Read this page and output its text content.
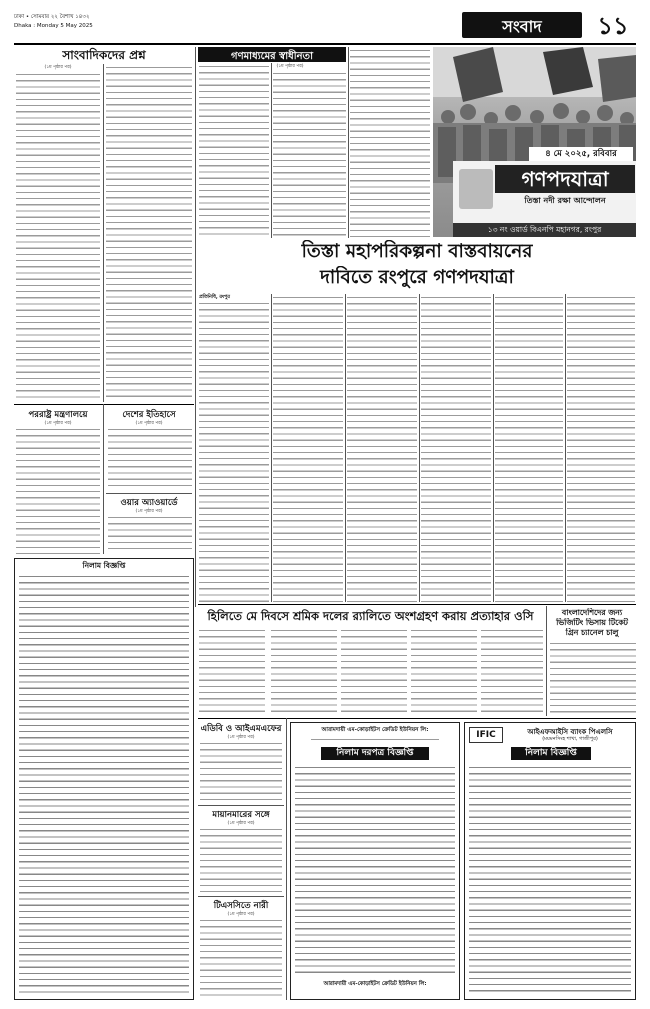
ঢাকা • সোমবার ২২ বৈশাখ ১৪৩২
Dhaka : Monday 5 May 2025	সংবাদ	১১
সাংবাদিকদের প্রশ্ন
(১ম পৃষ্ঠার পর)
গণমাধ্যমের স্বাধীনতা
(১ম পৃষ্ঠার পর)
৪ মে ২০২৫, রবিবার
গণপদযাত্রা
তিস্তা নদী রক্ষা আন্দোলন
১৩ নং ওয়ার্ড বিএনপি মহানগর, রংপুর
তিস্তা মহাপরিকল্পনা বাস্তবায়নের
দাবিতে রংপুরে গণপদযাত্রা
প্রতিনিধি, রংপুর
পররাষ্ট্র মন্ত্রণালয়ে
(১ম পৃষ্ঠার পর)
দেশের ইতিহাসে
(১ম পৃষ্ঠার পর)
ওয়ার অ্যাওয়ার্ডে
(১ম পৃষ্ঠার পর)
নিলাম বিজ্ঞপ্তি
হিলিতে মে দিবসে শ্রমিক দলের র‍্যালিতে অংশগ্রহণ করায় প্রত্যাহার ওসি	বাংলাদেশিদের জন্য
ভিজিটিং ভিসায় টিকেট
গ্রিন চ্যানেল চালু
এডিবি ও আইএমএফের
(১ম পৃষ্ঠার পর)
মায়ানমারের সঙ্গে
(১ম পৃষ্ঠার পর)
টিএসসিতে নারী
(১ম পৃষ্ঠার পর)
আরামদায়ী এম-কোড়াইটস ক্রেডিট ইউনিয়ন লি:
নিলাম দরপত্র বিজ্ঞপ্তি
আরামদায়ী এম-কোড়াইটস ক্রেডিট ইউনিয়ন লি:
IFIC	আইএফআইসি ব্যাংক পিএলসি
(ময়মনসিংহ শাখা, গাজীপুর)
নিলাম বিজ্ঞপ্তি
